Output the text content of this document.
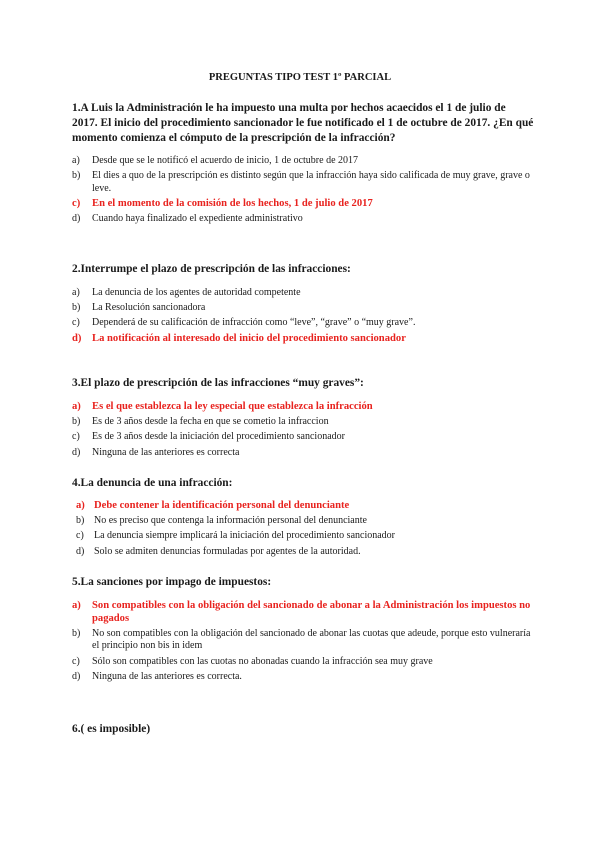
PREGUNTAS TIPO TEST 1º PARCIAL
1.A Luis la Administración le ha impuesto una multa por hechos acaecidos el 1 de julio de 2017. El inicio del procedimiento sancionador le fue notificado el 1 de octubre de 2017. ¿En qué momento comienza el cómputo de la prescripción de la infracción?
a) Desde que se le notificó el acuerdo de inicio, 1 de octubre de 2017
b) El dies a quo de la prescripción es distinto según que la infracción haya sido calificada de muy grave, grave o leve.
c) En el momento de la comisión de los hechos, 1 de julio de 2017
d) Cuando haya finalizado el expediente administrativo
2.Interrumpe el plazo de prescripción de las infracciones:
a) La denuncia de los agentes de autoridad competente
b) La Resolución sancionadora
c) Dependerá de su calificación de infracción como “leve”, “grave” o “muy grave”.
d) La notificación al interesado del inicio del procedimiento sancionador
3.El plazo de prescripción de las infracciones “muy graves”:
a) Es el que establezca la ley especial que establezca la infracción
b) Es de 3 años desde la fecha en que se cometio la infraccion
c) Es de 3 años desde la iniciación del procedimiento sancionador
d) Ninguna de las anteriores es correcta
4.La denuncia de una infracción:
a) Debe contener la identificación personal del denunciante
b) No es preciso que contenga la información personal del denunciante
c) La denuncia siempre implicará la iniciación del procedimiento sancionador
d) Solo se admiten denuncias formuladas por agentes de la autoridad.
5.La sanciones por impago de impuestos:
a) Son compatibles con la obligación del sancionado de abonar a la Administración los impuestos no pagados
b) No son compatibles con la obligación del sancionado de abonar las cuotas que adeude, porque esto vulneraría el principio non bis in idem
c) Sólo son compatibles con las cuotas no abonadas cuando la infracción sea muy grave
d) Ninguna de las anteriores es correcta.
6.( es imposible)
